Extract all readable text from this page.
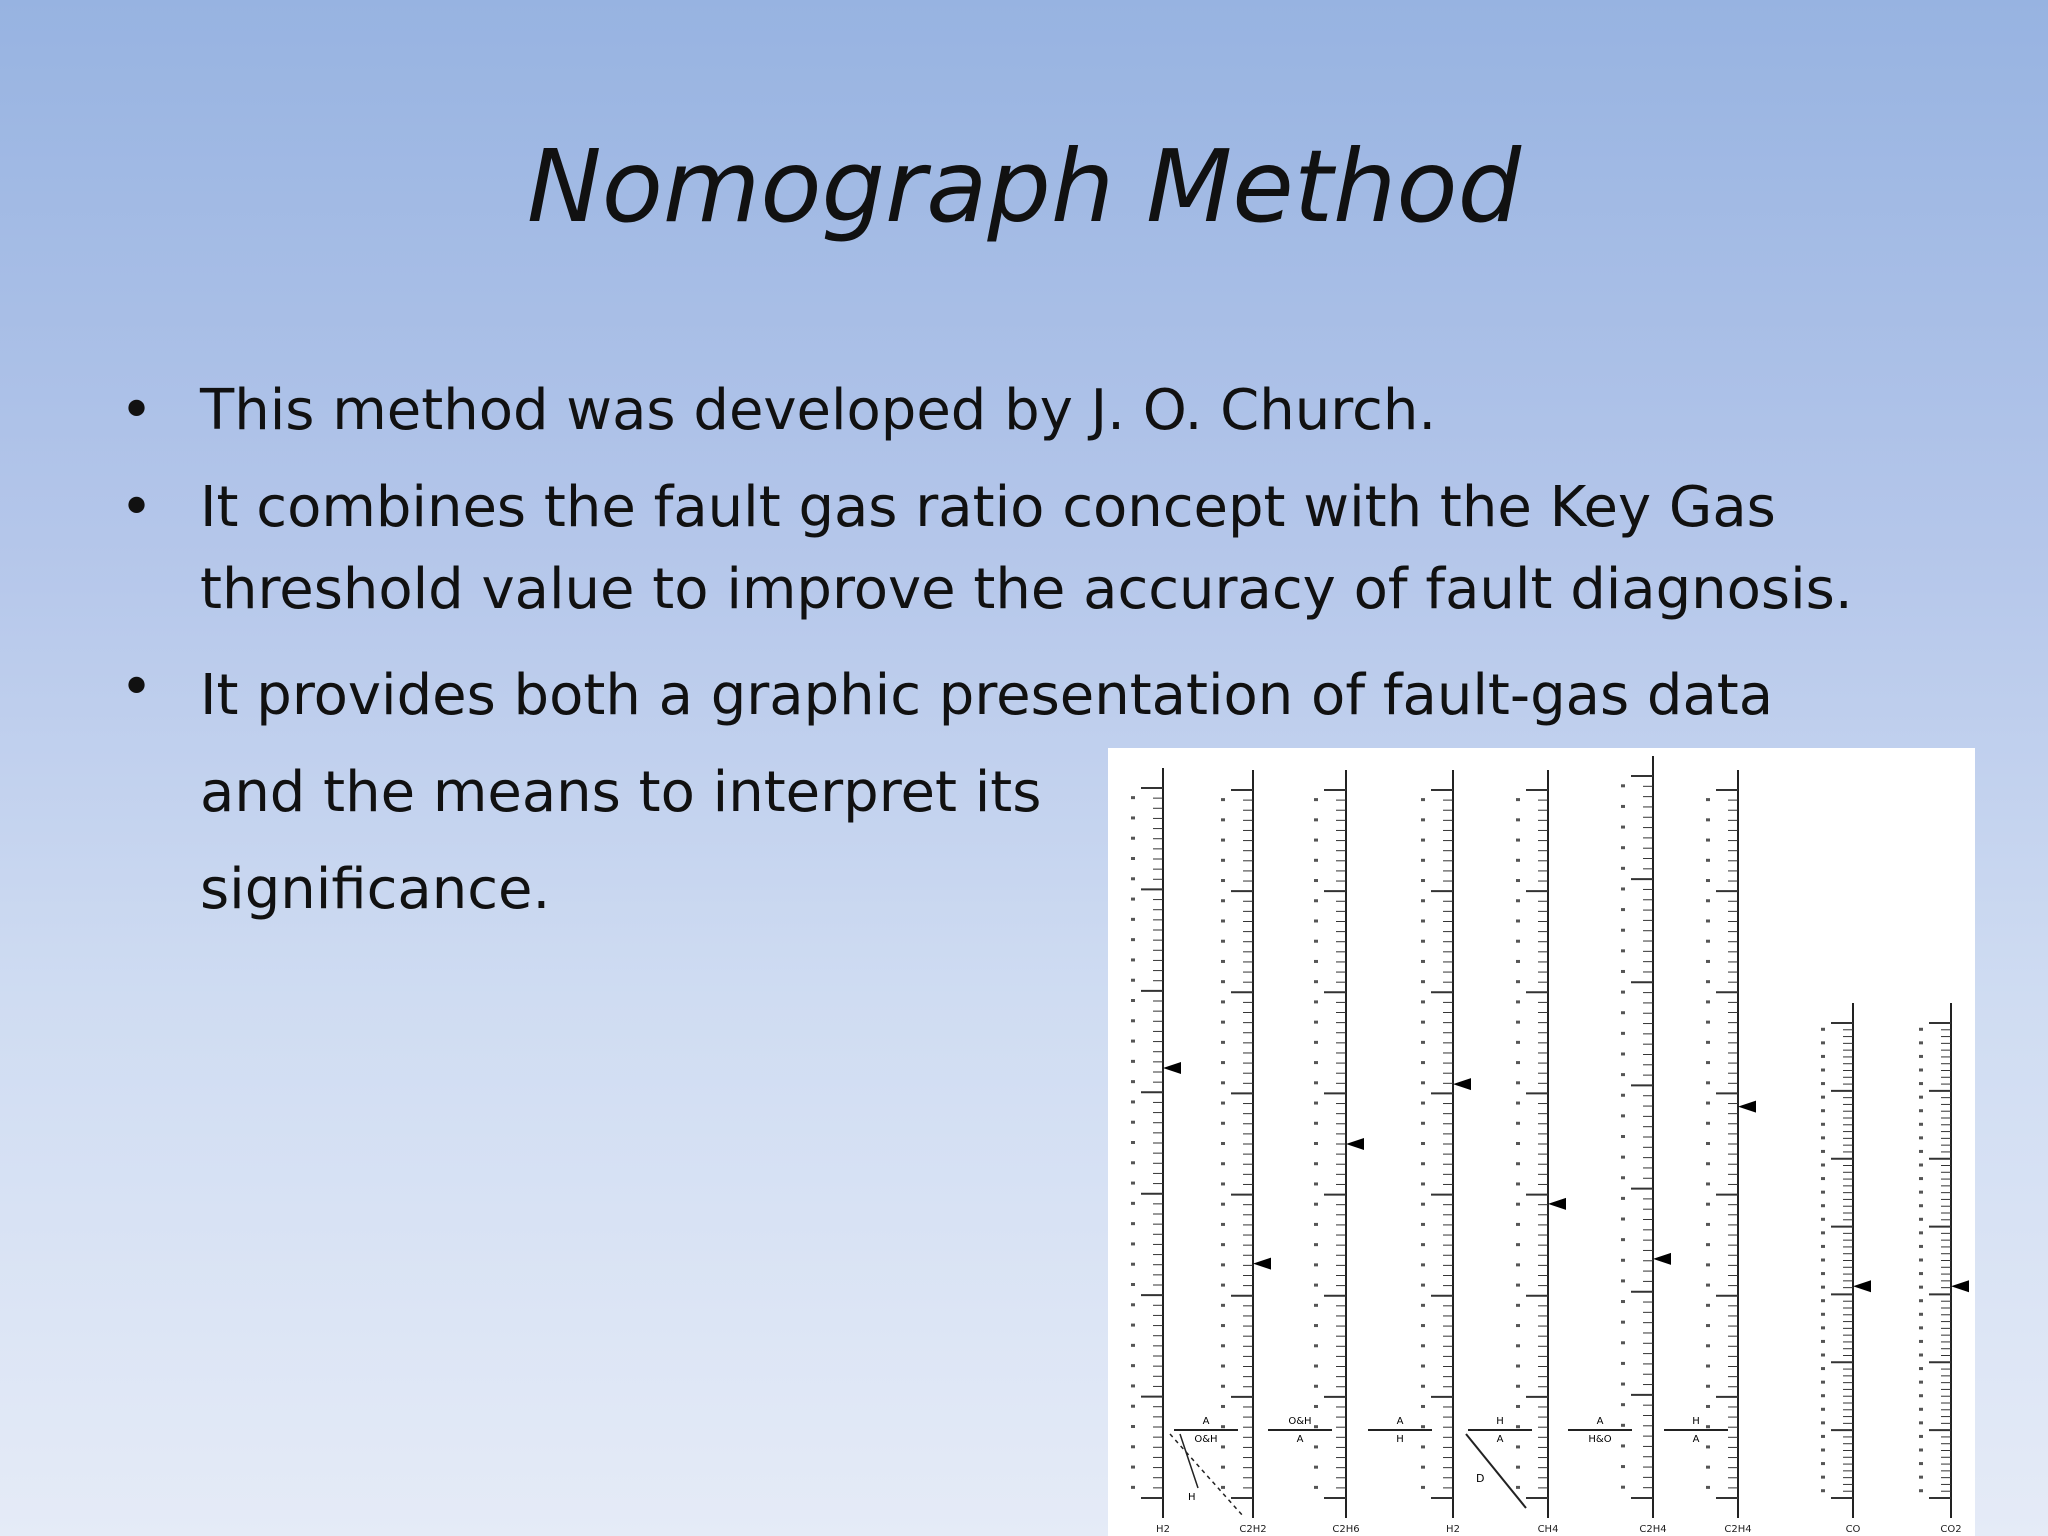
Nomograph Method
• This method was developed by J. O. Church.
• It combines the fault gas ratio concept with the Key Gas
threshold value to improve the accuracy of fault diagnosis.
• It provides both a graphic presentation of fault-gas data
and the means to interpret its
significance.
H2	C2H2	C2H6	H2	CH4	C2H4	C2H4	CO	CO2
A
O&H
O&H
A
A
H
H
A
A
H&O
H
A
H
D
